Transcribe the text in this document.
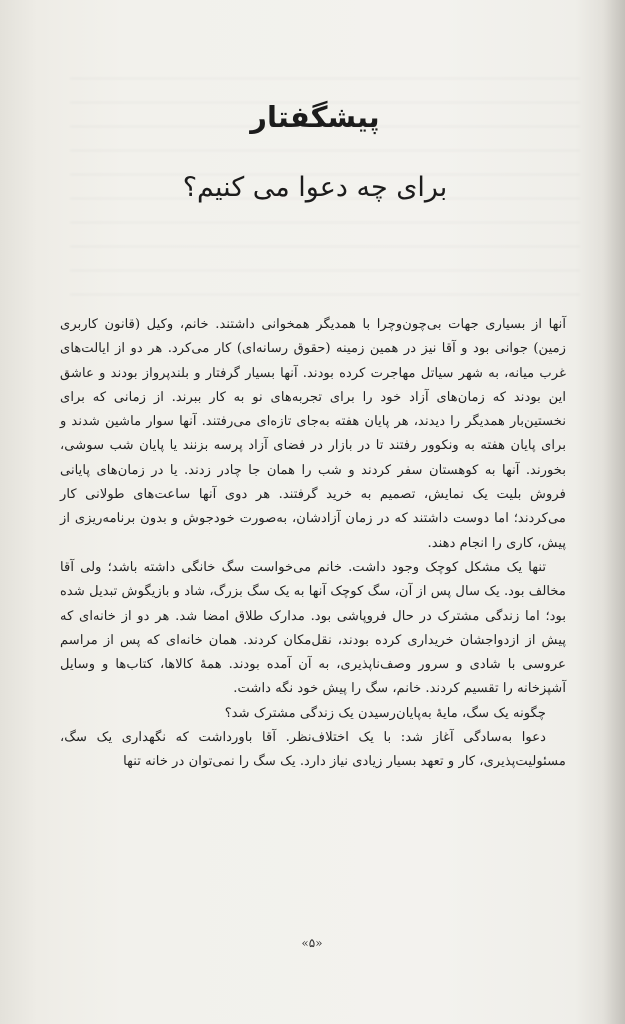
پیشگفتار
برای چه دعوا می کنیم؟

آنها از بسیاری جهات بی‌چون‌وچرا با همدیگر همخوانی داشتند. خانم، وکیل (قانون کاربری زمین) جوانی بود و آقا نیز در همین زمینه (حقوق رسانه‌ای) کار می‌کرد. هر دو از ایالت‌های غرب میانه، به شهر سیاتل مهاجرت کرده بودند. آنها بسیار گرفتار و بلندپرواز بودند و عاشق این بودند که زمان‌های آزاد خود را برای تجربه‌های نو به کار ببرند. از زمانی که برای نخستین‌بار همدیگر را دیدند، هر پایان هفته به‌جای تازه‌ای می‌رفتند. آنها سوار ماشین شدند و برای پایان هفته به ونکوور رفتند تا در بازار در فضای آزاد پرسه بزنند یا پایان شب سوشی، بخورند. آنها به کوهستان سفر کردند و شب را همان جا چادر زدند. یا در زمان‌های پایانی فروش بلیت یک نمایش، تصمیم به خرید گرفتند. هر دوی آنها ساعت‌های طولانی کار می‌کردند؛ اما دوست داشتند که در زمان آزادشان، به‌صورت خودجوش و بدون برنامه‌ریزی از پیش، کاری را انجام دهند.

تنها یک مشکل کوچک وجود داشت. خانم می‌خواست سگ خانگی داشته باشد؛ ولی آقا مخالف بود. یک سال پس از آن، سگ کوچک آنها به یک سگ بزرگ، شاد و بازیگوش تبدیل شده بود؛ اما زندگی مشترک در حال فروپاشی بود. مدارک طلاق امضا شد. هر دو از خانه‌ای که پیش از ازدواجشان خریداری کرده بودند، نقل‌مکان کردند. همان خانه‌ای که پس از مراسم عروسی با شادی و سرور وصف‌ناپذیری، به آن آمده بودند. همهٔ کالاها، کتاب‌ها و وسایل آشپزخانه را تقسیم کردند. خانم، سگ را پیش خود نگه داشت.

چگونه یک سگ، مایهٔ به‌پایان‌رسیدن یک زندگی مشترک شد؟

دعوا به‌سادگی آغاز شد: با یک اختلاف‌نظر. آقا باورداشت که نگهداری یک سگ، مسئولیت‌پذیری، کار و تعهد بسیار زیادی نیاز دارد. یک سگ را نمی‌توان در خانه تنها

«۵»
